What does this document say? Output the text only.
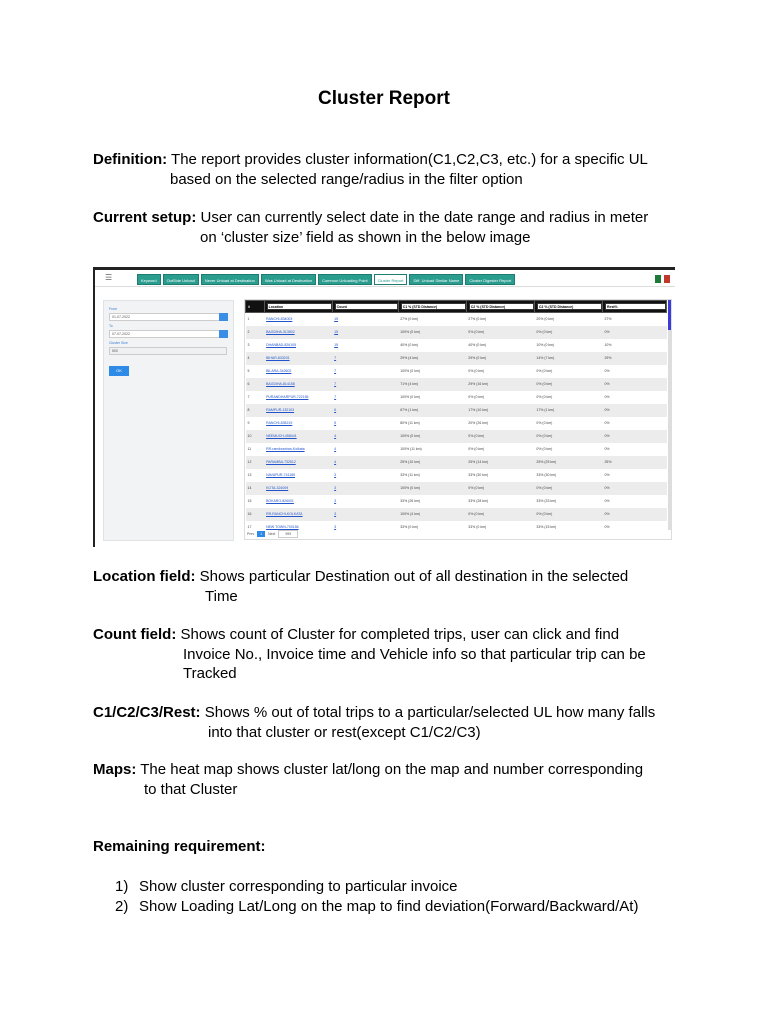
Cluster Report
Definition: The report provides cluster information(C1,C2,C3, etc.) for a specific UL
based on the selected range/radius in the filter option
Current setup: User can currently select date in the date range and radius in meter
on ‘cluster size’ field as shown in the below image
☰	Keyword	OutSide Unload	Never Unload at Destination	Was Unload at Destination	Common Unloading Point	Cluster Report	Diff. Unload Similar Name	Cluster Digester Report
From
01-07-2022
To
07-07-2022
Cluster Size
500
OK
#	Location	Count	C1 % (STD Distance)	C2 % (STD Distance)	C3 % (STD Distance)	Rest%

1	RANCHI-834003	15	27% (0 km)	27% (0 km)	20% (0 km)	27%
2	BAGDIHA-313502	15	100% (0 km)	0% (0 km)	0% (0 km)	0%
3	DHANBAD-826105	15	40% (0 km)	40% (0 km)	10% (0 km)	10%
4	BIHAR-833201	7	29% (4 km)	29% (0 km)	14% (7 km)	29%
5	BILARA-342602	7	100% (0 km)	0% (0 km)	0% (0 km)	0%
6	BAGDIHA-814158	7	71% (4 km)	29% (16 km)	0% (0 km)	0%
7	PURANDHARPUR-722155	7	100% (0 km)	0% (0 km)	0% (0 km)	0%
8	RAMPUR-132103	6	67% (1 km)	17% (10 km)	17% (1 km)	0%
9	RANCHI-835219	5	80% (11 km)	20% (26 km)	0% (0 km)	0%
10	NEEMUCH-458441	4	100% (0 km)	0% (0 km)	0% (0 km)	0%
11	RR-ramdwarhan-Kolkata	4	100% (11 km)	0% (0 km)	0% (0 km)	0%
12	PARAMBA-732512	4	25% (10 km)	25% (14 km)	25% (25 km)	25%
13	NAVAPUR-741185	3	33% (11 km)	33% (30 km)	33% (30 km)	0%
14	KOTA-324009	3	100% (0 km)	0% (0 km)	0% (0 km)	0%
15	BOKARO-826001	3	33% (26 km)	33% (28 km)	33% (33 km)	0%
16	RR-RANCHI-KOLKATA	3	100% (4 km)	0% (0 km)	0% (0 km)	0%
17	NEW TOWN-700156	3	33% (0 km)	33% (0 km)	33% (15 km)	0%
Prev	1	Next	999
Location field: Shows particular Destination out of all destination in the selected
Time
Count field: Shows count of Cluster for completed trips, user can click and find
Invoice No., Invoice time and Vehicle info so that particular trip can be
Tracked
C1/C2/C3/Rest: Shows % out of total trips to a particular/selected UL how many falls
into that cluster or rest(except C1/C2/C3)
Maps: The heat map shows cluster lat/long on the map and number corresponding
to that Cluster
Remaining requirement:
1) Show cluster corresponding to particular invoice
2) Show Loading Lat/Long on the map to find deviation(Forward/Backward/At)
